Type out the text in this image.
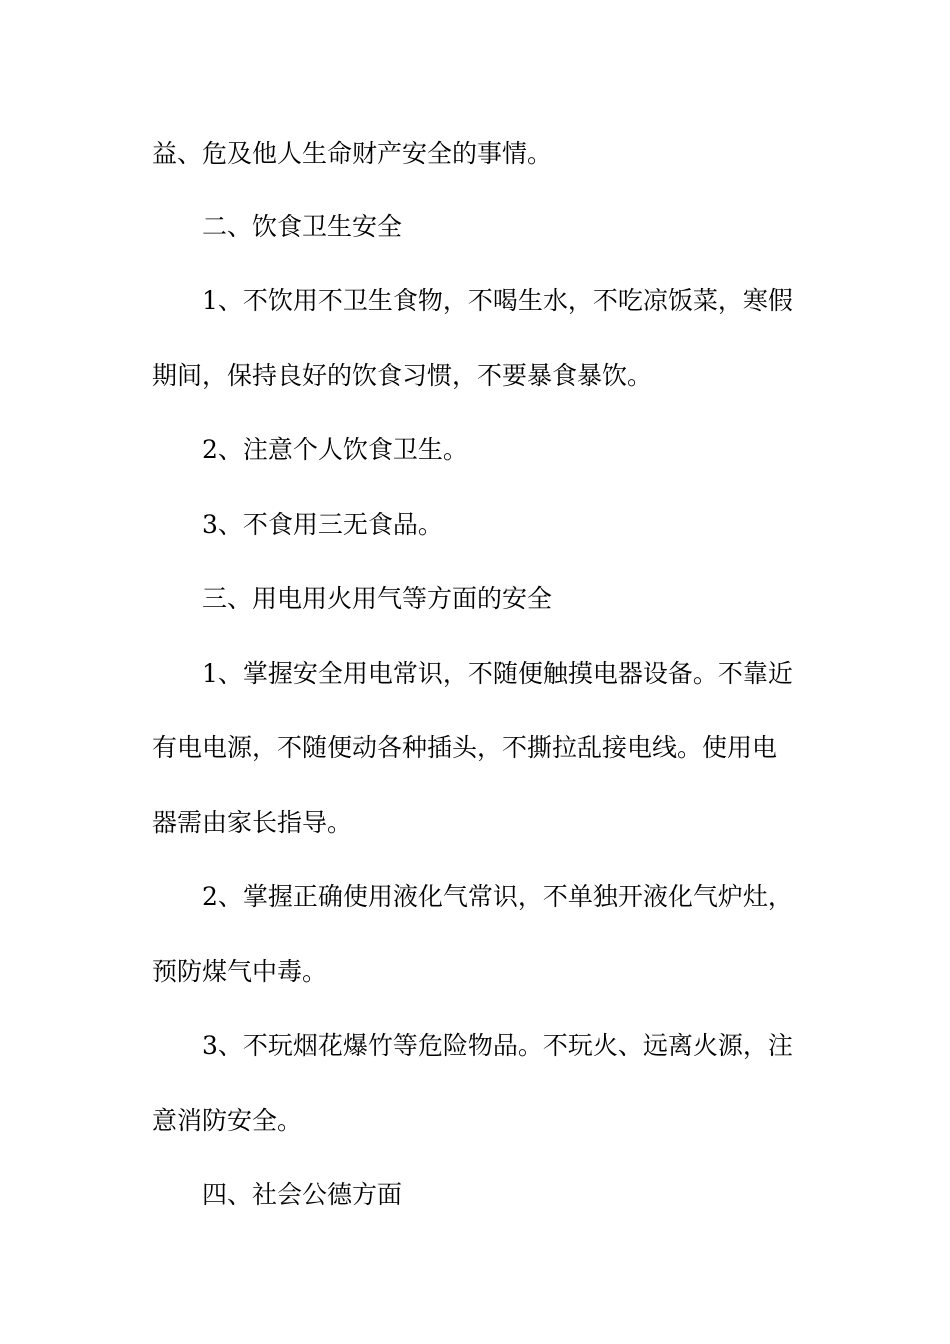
益、危及他人生命财产安全的事情。
二、饮食卫生安全
1、不饮用不卫生食物，不喝生水，不吃凉饭菜，寒假
期间，保持良好的饮食习惯，不要暴食暴饮。
2、注意个人饮食卫生。
3、不食用三无食品。
三、用电用火用气等方面的安全
1、掌握安全用电常识，不随便触摸电器设备。不靠近
有电电源，不随便动各种插头，不撕拉乱接电线。使用电
器需由家长指导。
2、掌握正确使用液化气常识，不单独开液化气炉灶，
预防煤气中毒。
3、不玩烟花爆竹等危险物品。不玩火、远离火源，注
意消防安全。
四、社会公德方面
